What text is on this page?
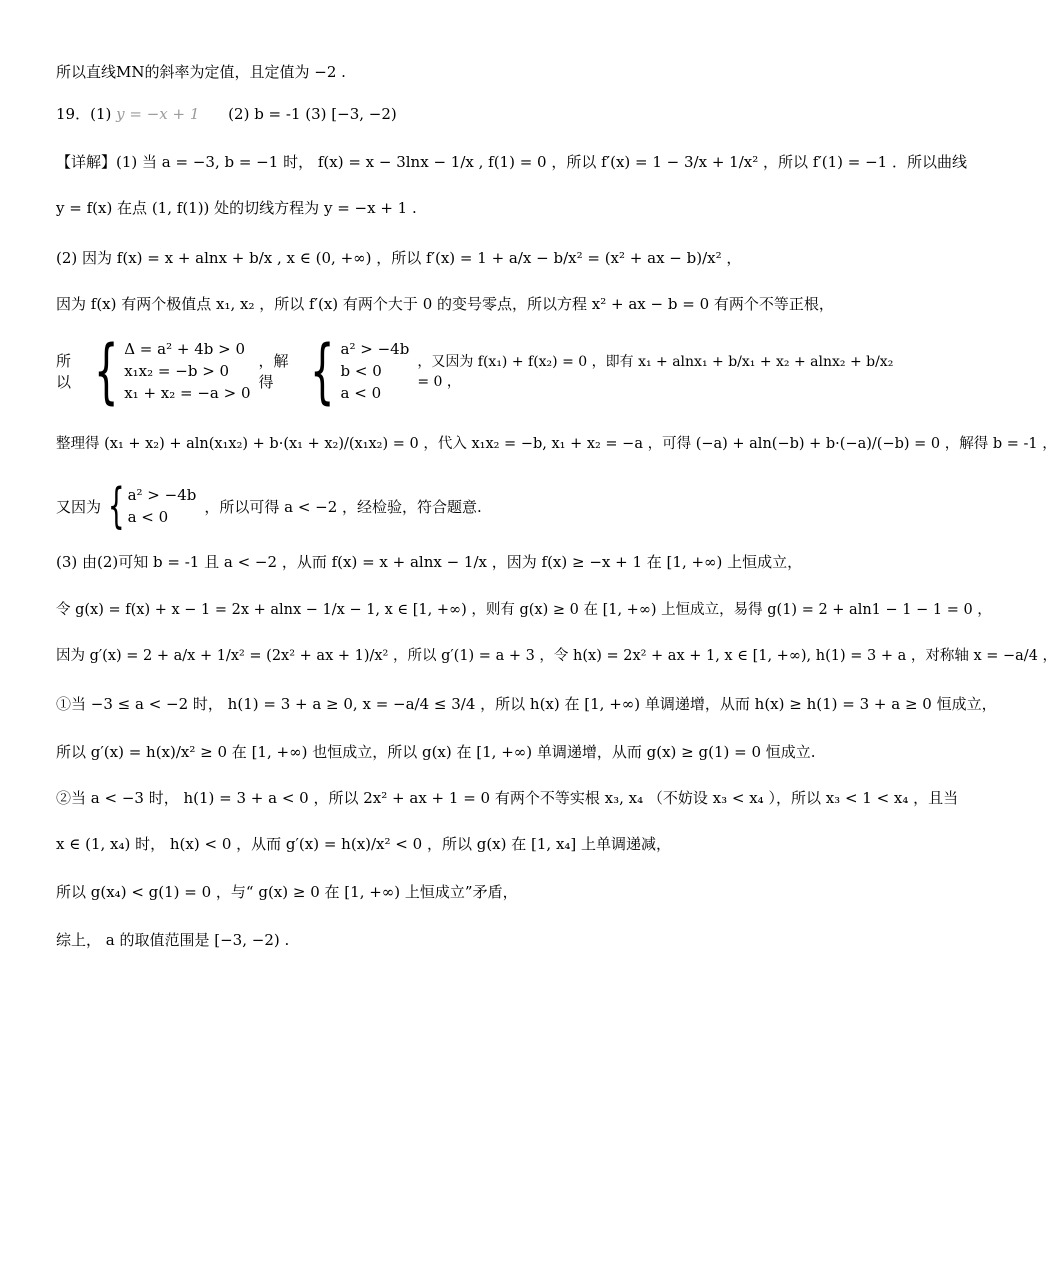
所以直线MN的斜率为定值，且定值为 −2 .
19．(1) y = −x + 1 (2) b = -1 (3) [−3, −2)
【详解】(1) 当 a = −3, b = −1 时， f(x) = x − 3lnx − 1/x , f(1) = 0 ，所以 f′(x) = 1 − 3/x + 1/x² ，所以 f′(1) = −1 ．所以曲线
y = f(x) 在点 (1, f(1)) 处的切线方程为 y = −x + 1 .
(2) 因为 f(x) = x + alnx + b/x , x ∈ (0, +∞) ，所以 f′(x) = 1 + a/x − b/x² = (x² + ax − b)/x² ，
因为 f(x) 有两个极值点 x₁, x₂ ，所以 f′(x) 有两个大于 0 的变号零点，所以方程 x² + ax − b = 0 有两个不等正根，
所以 { Δ = a² + 4b > 0
x₁x₂ = −b > 0
x₁ + x₂ = −a > 0
，解得 { a² > −4b
b < 0
a < 0
，又因为 f(x₁) + f(x₂) = 0 ，即有 x₁ + alnx₁ + b/x₁ + x₂ + alnx₂ + b/x₂ = 0 ，
整理得 (x₁ + x₂) + aln(x₁x₂) + b·(x₁ + x₂)/(x₁x₂) = 0 ，代入 x₁x₂ = −b, x₁ + x₂ = −a ，可得 (−a) + aln(−b) + b·(−a)/(−b) = 0 ，解得 b = -1 ，
又因为 { a² > −4b
a < 0
，所以可得 a < −2 ，经检验，符合题意.
(3) 由(2)可知 b = -1 且 a < −2 ，从而 f(x) = x + alnx − 1/x ，因为 f(x) ≥ −x + 1 在 [1, +∞) 上恒成立，
令 g(x) = f(x) + x − 1 = 2x + alnx − 1/x − 1, x ∈ [1, +∞) ，则有 g(x) ≥ 0 在 [1, +∞) 上恒成立，易得 g(1) = 2 + aln1 − 1 − 1 = 0 ，
因为 g′(x) = 2 + a/x + 1/x² = (2x² + ax + 1)/x² ，所以 g′(1) = a + 3 ，令 h(x) = 2x² + ax + 1, x ∈ [1, +∞), h(1) = 3 + a ，对称轴 x = −a/4 ，
①当 −3 ≤ a < −2 时， h(1) = 3 + a ≥ 0, x = −a/4 ≤ 3/4 ，所以 h(x) 在 [1, +∞) 单调递增，从而 h(x) ≥ h(1) = 3 + a ≥ 0 恒成立，
所以 g′(x) = h(x)/x² ≥ 0 在 [1, +∞) 也恒成立，所以 g(x) 在 [1, +∞) 单调递增，从而 g(x) ≥ g(1) = 0 恒成立.
②当 a < −3 时， h(1) = 3 + a < 0 ，所以 2x² + ax + 1 = 0 有两个不等实根 x₃, x₄ （不妨设 x₃ < x₄ ），所以 x₃ < 1 < x₄ ，且当
x ∈ (1, x₄) 时， h(x) < 0 ，从而 g′(x) = h(x)/x² < 0 ，所以 g(x) 在 [1, x₄] 上单调递减，
所以 g(x₄) < g(1) = 0 ，与“ g(x) ≥ 0 在 [1, +∞) 上恒成立”矛盾，
综上， a 的取值范围是 [−3, −2) .
